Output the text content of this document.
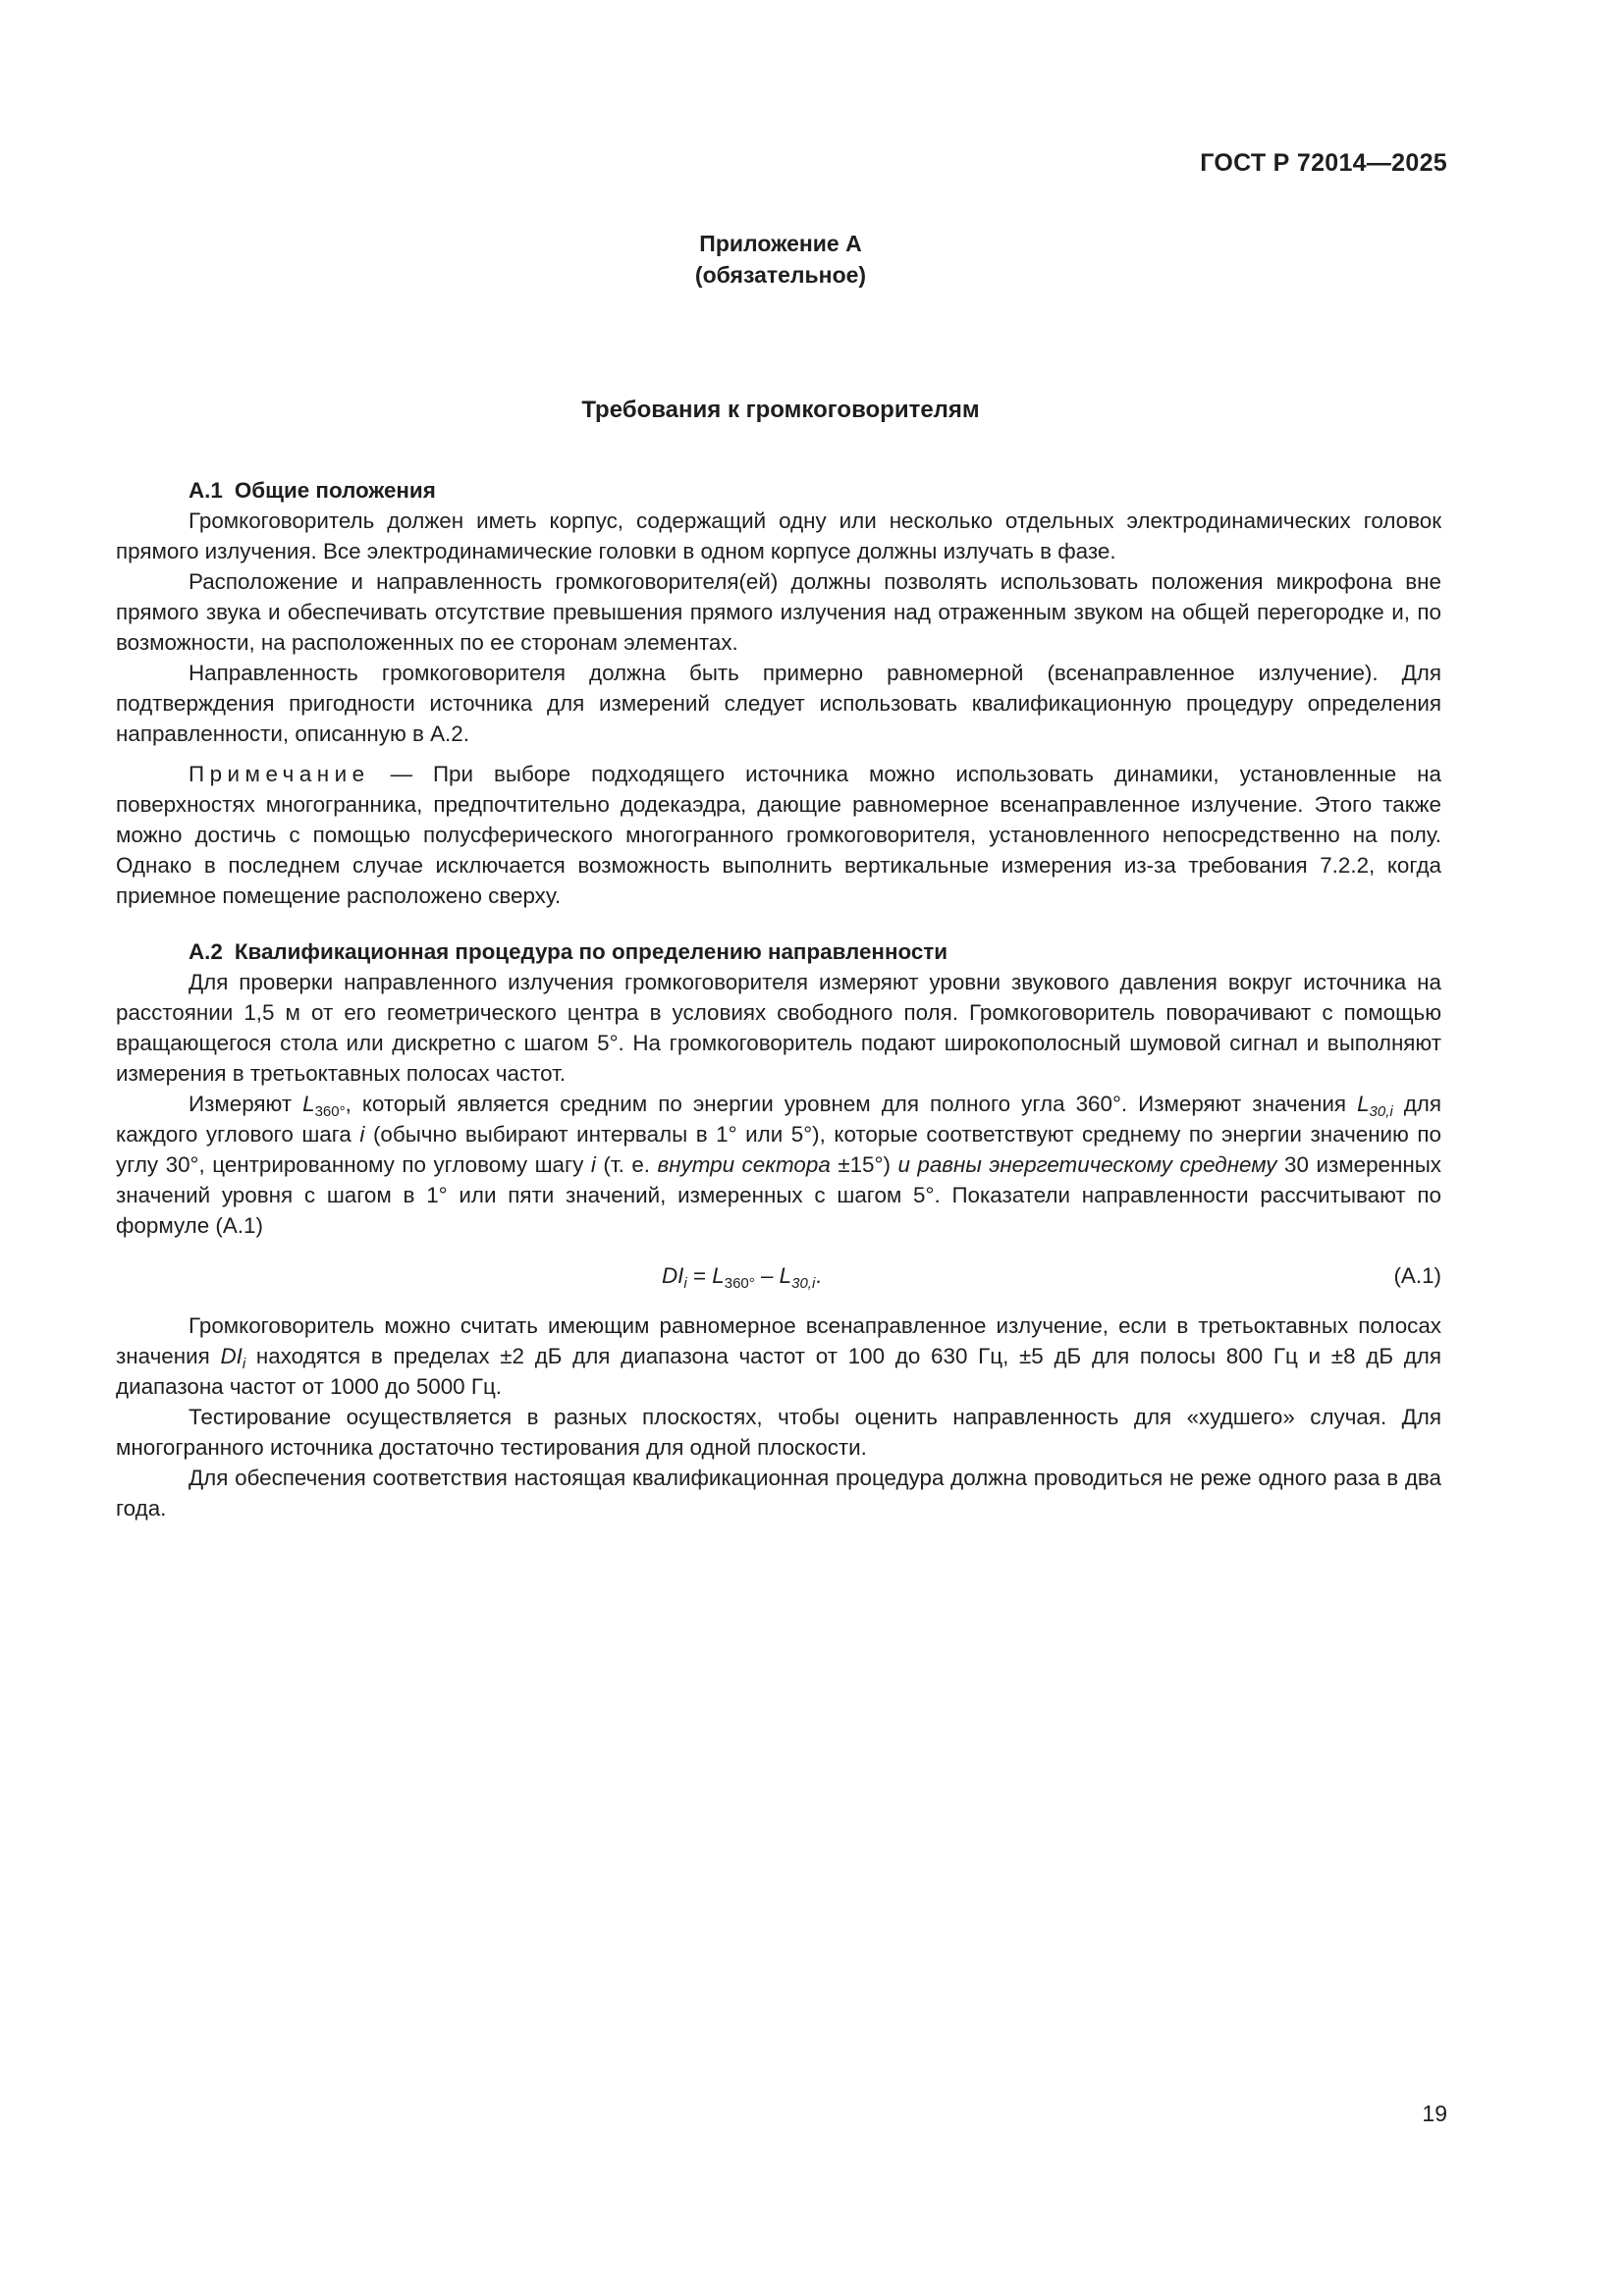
ГОСТ Р 72014—2025
Приложение А
(обязательное)
Требования к громкоговорителям
А.1 Общие положения

Громкоговоритель должен иметь корпус, содержащий одну или несколько отдельных электродинамических головок прямого излучения. Все электродинамические головки в одном корпусе должны излучать в фазе.

Расположение и направленность громкоговорителя(ей) должны позволять использовать положения микрофона вне прямого звука и обеспечивать отсутствие превышения прямого излучения над отраженным звуком на общей перегородке и, по возможности, на расположенных по ее сторонам элементах.

Направленность громкоговорителя должна быть примерно равномерной (всенаправленное излучение). Для подтверждения пригодности источника для измерений следует использовать квалификационную процедуру определения направленности, описанную в А.2.

Примечание — При выборе подходящего источника можно использовать динамики, установленные на поверхностях многогранника, предпочтительно додекаэдра, дающие равномерное всенаправленное излучение. Этого также можно достичь с помощью полусферического многогранного громкоговорителя, установленного непосредственно на полу. Однако в последнем случае исключается возможность выполнить вертикальные измерения из-за требования 7.2.2, когда приемное помещение расположено сверху.

А.2 Квалификационная процедура по определению направленности

Для проверки направленного излучения громкоговорителя измеряют уровни звукового давления вокруг источника на расстоянии 1,5 м от его геометрического центра в условиях свободного поля. Громкоговоритель поворачивают с помощью вращающегося стола или дискретно с шагом 5°. На громкоговоритель подают широкополосный шумовой сигнал и выполняют измерения в третьоктавных полосах частот.

Измеряют $L_{360^\circ}$, который является средним по энергии уровнем для полного угла 360°. Измеряют значения $L_{30,i}$ для каждого углового шага i (обычно выбирают интервалы в 1° или 5°), которые соответствуют среднему по энергии значению по углу 30°, центрированному по угловому шагу i (т. е. внутри сектора ±15°) и равны энергетическому среднему 30 измеренных значений уровня с шагом в 1° или пяти значений, измеренных с шагом 5°. Показатели направленности рассчитывают по формуле (А.1)

$DI_i = L_{360^\circ} - L_{30,i}$.	(А.1)

Громкоговоритель можно считать имеющим равномерное всенаправленное излучение, если в третьоктавных полосах значения $DI_i$ находятся в пределах ±2 дБ для диапазона частот от 100 до 630 Гц, ±5 дБ для полосы 800 Гц и ±8 дБ для диапазона частот от 1000 до 5000 Гц.

Тестирование осуществляется в разных плоскостях, чтобы оценить направленность для «худшего» случая. Для многогранного источника достаточно тестирования для одной плоскости.

Для обеспечения соответствия настоящая квалификационная процедура должна проводиться не реже одного раза в два года.

19
